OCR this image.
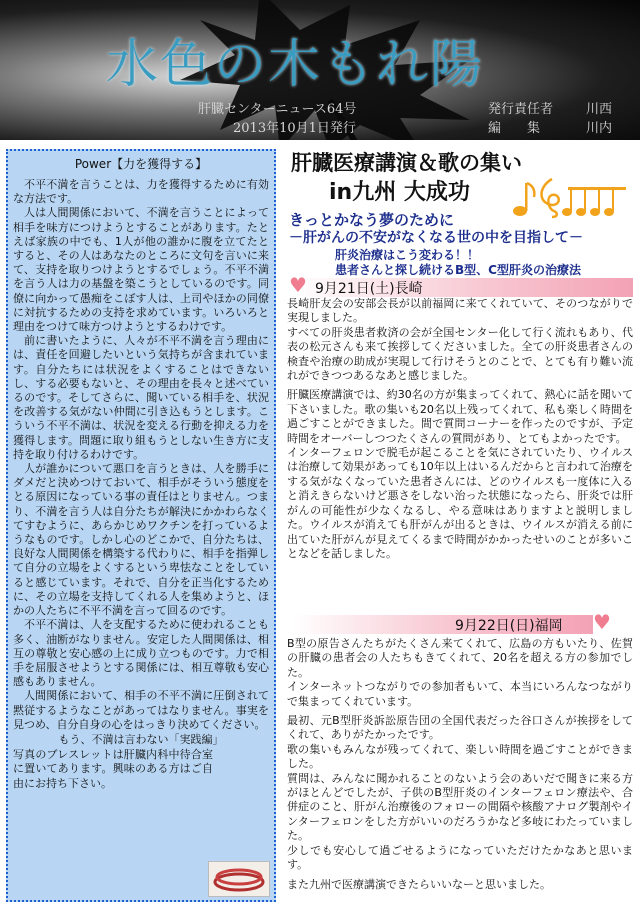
水色の木もれ陽
肝臓センターニュース64号
2013年10月1日発行
発行責任者	川西
編　　集	川内
Power【力を獲得する】

不平不満を言うことは、力を獲得するために有効な方法です。

人は人間関係において、不満を言うことによって相手を味方につけようとすることがあります。たとえば家族の中でも、1人が他の誰かに腹を立てたとすると、その人はあなたのところに文句を言いに来て、支持を取りつけようとするでしょう。不平不満を言う人は力の基盤を築こうとしているのです。同僚に向かって愚痴をこぼす人は、上司やほかの同僚に対抗するための支持を求めています。いろいろと理由をつけて味方つけようとするわけです。

前に書いたように、人々が不平不満を言う理由には、責任を回避したいという気持ちが含まれています。自分たちには状況をよくすることはできないし、する必要もないと、その理由を長々と述べているのです。そしてさらに、聞いている相手を、状況を改善する気がない仲間に引き込もうとします。こういう不平不満は、状況を変える行動を抑える力を獲得します。問題に取り組もうとしない生き方に支持を取り付けるわけです。

人が誰かについて悪口を言うときは、人を勝手にダメだと決めつけておいて、相手がそういう態度をとる原因になっている事の責任はとりません。つまり、不満を言う人は自分たちが解決にかかわらなくてすむように、あらかじめワクチンを打っているようなものです。しかし心のどこかで、自分たちは、良好な人間関係を構築する代わりに、相手を指弾して自分の立場をよくするという卑怯なことをしていると感じています。それで、自分を正当化するために、その立場を支持してくれる人を集めようと、ほかの人たちに不平不満を言って回るのです。

不平不満は、人を支配するために使われることも多く、油断がなりません。安定した人間関係は、相互の尊敬と安心感の上に成り立つものです。力で相手を屈服させようとする関係には、相互尊敬も安心感もありません。

人間関係において、相手の不平不満に圧倒されて黙従するようなことがあってはなりません。事実を見つめ、自分自身の心をはっきり決めてください。

もう、不満は言わない「実践編」

写真のブレスレットは肝臓内科中待合室に置いてあります。興味のある方はご自由にお持ち下さい。

肝臓医療講演＆歌の集い
in九州 大成功
きっとかなう夢のために
－肝がんの不安がなくなる世の中を目指して－
肝炎治療はこう変わる！！
患者さんと探し続けるB型、C型肝炎の治療法
♥ 9月21日(土)長崎

長崎肝友会の安部会長が以前福岡に来てくれていて、そのつながりで実現しました。

すべての肝炎患者救済の会が全国センター化して行く流れもあり、代表の松元さんも来て挨拶してくださいました。全ての肝炎患者さんの検査や治療の助成が実現して行けそうとのことで、とても有り難い流れができつつあるなあと感じました。

肝臓医療講演では、約30名の方が集まってくれて、熱心に話を聞いて下さいました。歌の集いも20名以上残ってくれて、私も楽しく時間を過ごすことができました。間で質問コーナーを作ったのですが、予定時間をオーバーしつつたくさんの質問があり、とてもよかったです。

インターフェロンで脱毛が起こることを気にされていたり、ウイルスは治療して効果があっても10年以上はいるんだからと言われて治療をする気がなくなっていた患者さんには、どのウイルスも一度体に入ると消えきらないけど悪さをしない治った状態になったら、肝炎では肝がんの可能性が少なくなるし、やる意味はありますよと説明しました。ウイルスが消えても肝がんが出るときは、ウイルスが消える前に出ていた肝がんが見えてくるまで時間がかかったせいのことが多いことなどを話しました。

♥
9月22日(日)福岡

B型の原告さんたちがたくさん来てくれて、広島の方もいたり、佐賀の肝臓の患者会の人たちもきてくれて、20名を超える方の参加でした。

インターネットつながりでの参加者もいて、本当にいろんなつながりで集まってくれています。

最初、元B型肝炎訴訟原告団の全国代表だった谷口さんが挨拶をしてくれて、ありがたかったです。

歌の集いもみんなが残ってくれて、楽しい時間を過ごすことができました。

質問は、みんなに聞かれることのないよう会のあいだで聞きに来る方がほとんどでしたが、子供のB型肝炎のインターフェロン療法や、合併症のこと、肝がん治療後のフォローの間隔や核酸アナログ製剤やインターフェロンをした方がいいのだろうかなど多岐にわたっていました。

少しでも安心して過ごせるようになっていただけたかなあと思います。

また九州で医療講演できたらいいなーと思いました。
